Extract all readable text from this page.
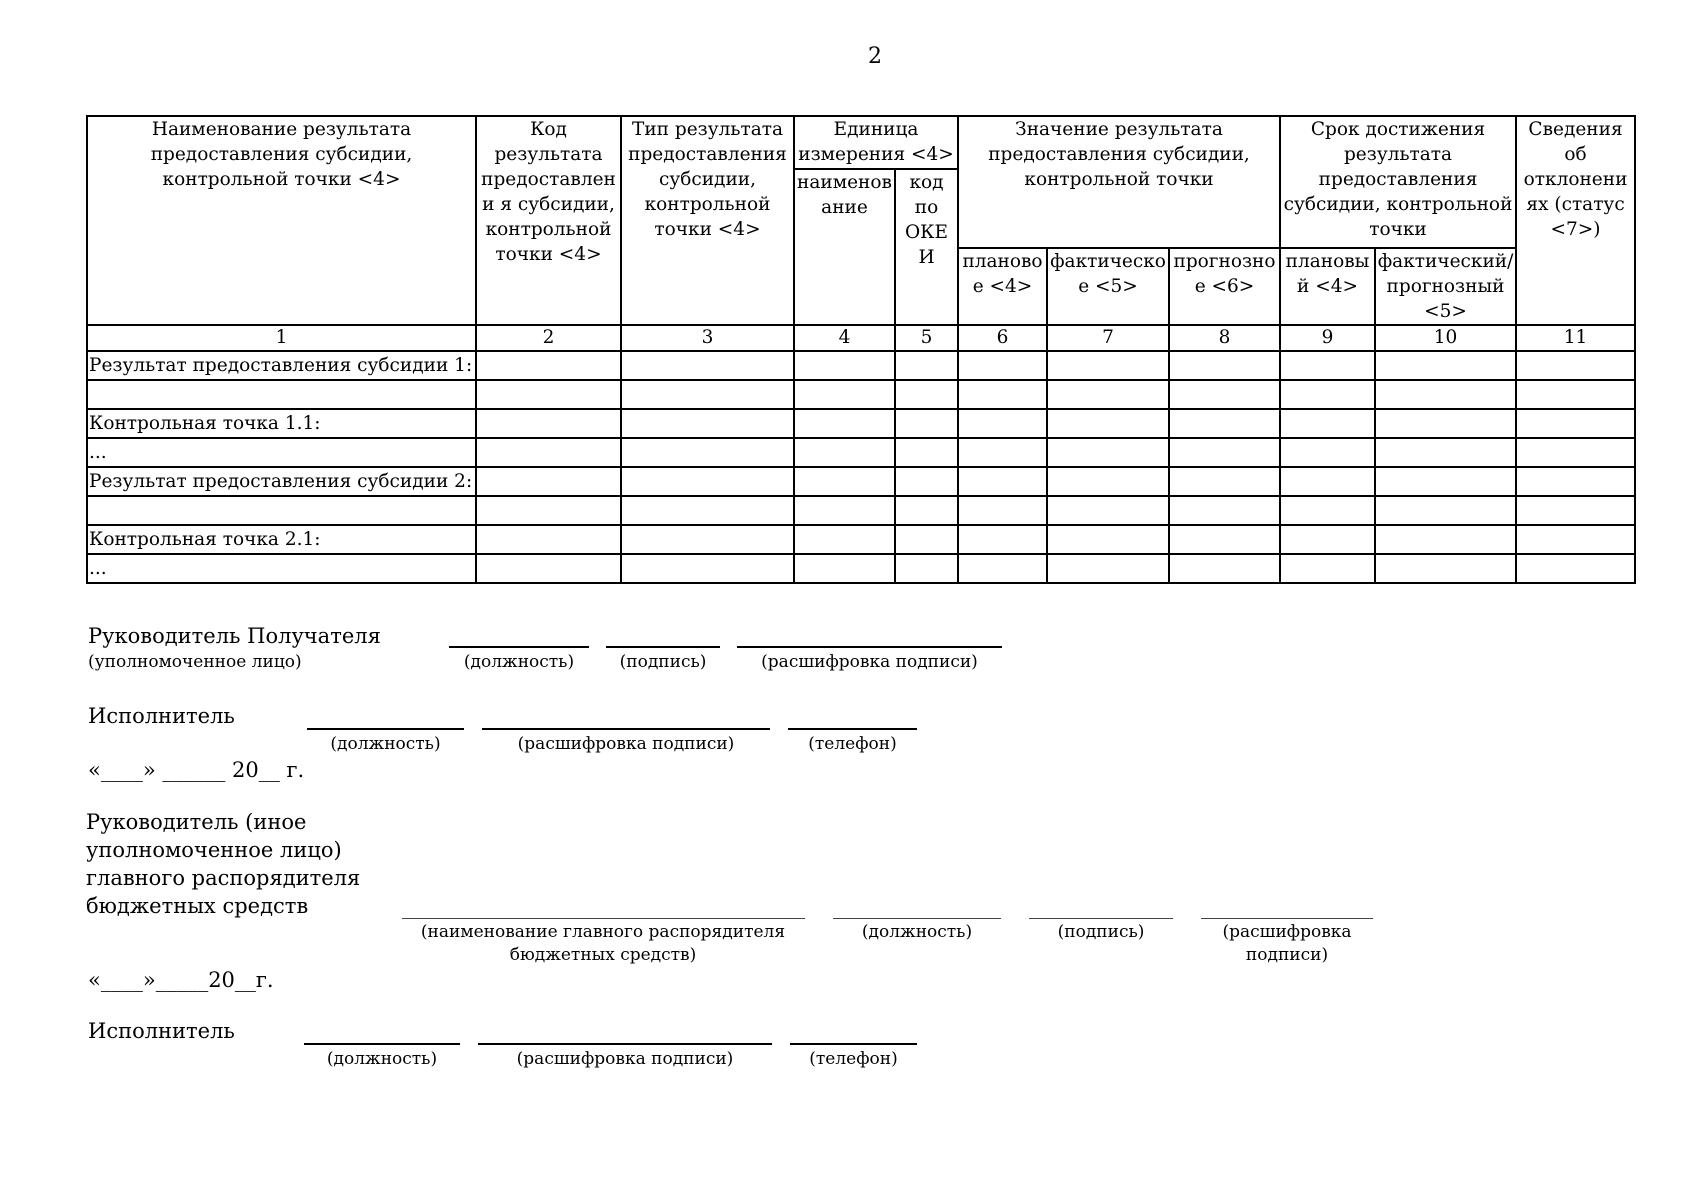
2
Наименование результата предоставления субсидии, контрольной точки <4>	Код результата предоставлени я субсидии, контрольной точки <4>	Тип результата предоставления субсидии, контрольной точки <4>	Единица измерения <4>		Значение результата предоставления субсидии, контрольной точки			Срок достижения результата предоставления субсидии, контрольной точки		Сведения об отклонениях (статус <7>)
			наименов ание	код по ОКЕИ						
					плановое <4>	фактическое <5>	прогнозное <6>	плановый <4>	фактический/ прогнозный <5>	
1	2	3	4	5	6	7	8	9	10	11
Результат предоставления субсидии 1:										

Контрольная точка 1.1:										
...										
Результат предоставления субсидии 2:										

Контрольная точка 2.1:										
...										
Руководитель Получателя
(уполномоченное лицо)	(должность)	(подпись)	(расшифровка подписи)
Исполнитель
(должность)	(расшифровка подписи)	(телефон)
«____» ______ 20__ г.
Руководитель (иное уполномоченное лицо) главного распорядителя бюджетных средств
(наименование главного распорядителя бюджетных средств)
(должность)	(подпись)	(расшифровка подписи)
«____»_____20__г.
Исполнитель
(должность)	(расшифровка подписи)	(телефон)
